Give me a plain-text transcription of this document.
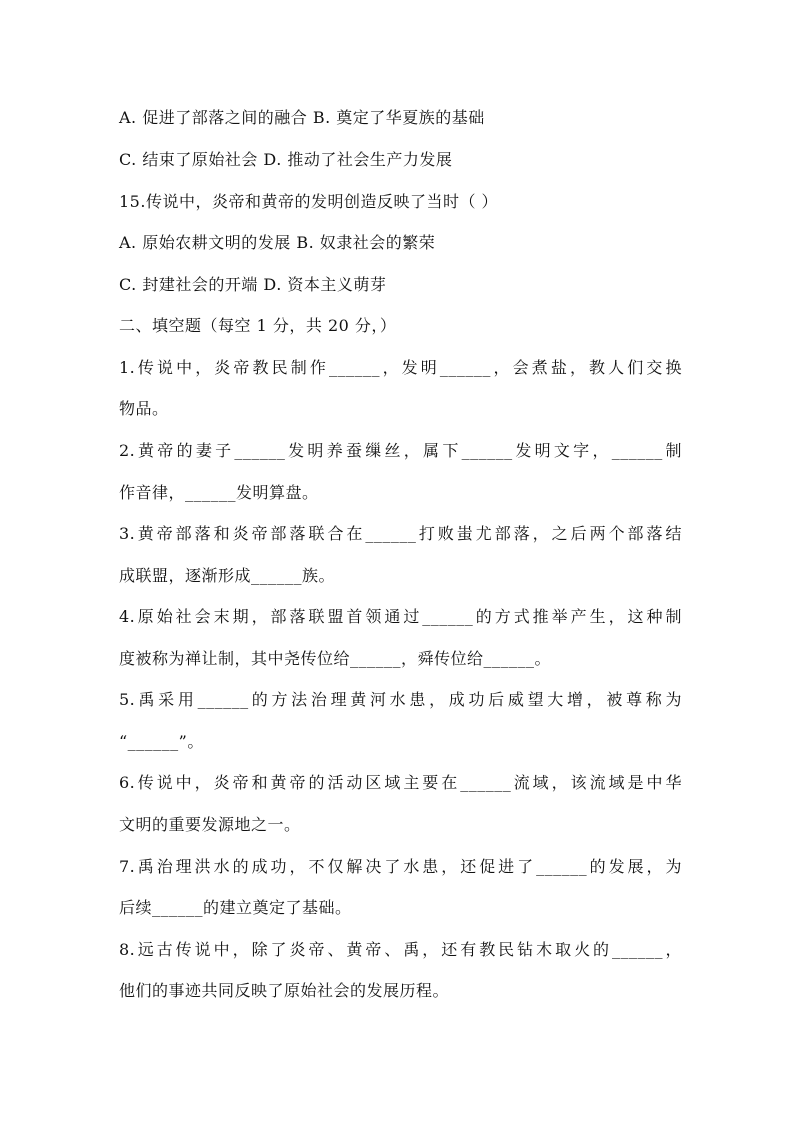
A. 促进了部落之间的融合 B. 奠定了华夏族的基础
C. 结束了原始社会 D. 推动了社会生产力发展
15.传说中，炎帝和黄帝的发明创造反映了当时（ ）
A. 原始农耕文明的发展 B. 奴隶社会的繁荣
C. 封建社会的开端 D. 资本主义萌芽
二、填空题（每空 1 分，共 20 分，）
1.传说中，炎帝教民制作______，发明______，会煮盐，教人们交换
物品。
2.黄帝的妻子______发明养蚕缫丝，属下______发明文字，______制
作音律，______发明算盘。
3.黄帝部落和炎帝部落联合在______打败蚩尤部落，之后两个部落结
成联盟，逐渐形成______族。
4.原始社会末期，部落联盟首领通过______的方式推举产生，这种制
度被称为禅让制，其中尧传位给______，舜传位给______。
5.禹采用______的方法治理黄河水患，成功后威望大增，被尊称为
“______”。
6.传说中，炎帝和黄帝的活动区域主要在______流域，该流域是中华
文明的重要发源地之一。
7.禹治理洪水的成功，不仅解决了水患，还促进了______的发展，为
后续______的建立奠定了基础。
8.远古传说中，除了炎帝、黄帝、禹，还有教民钻木取火的______，
他们的事迹共同反映了原始社会的发展历程。
